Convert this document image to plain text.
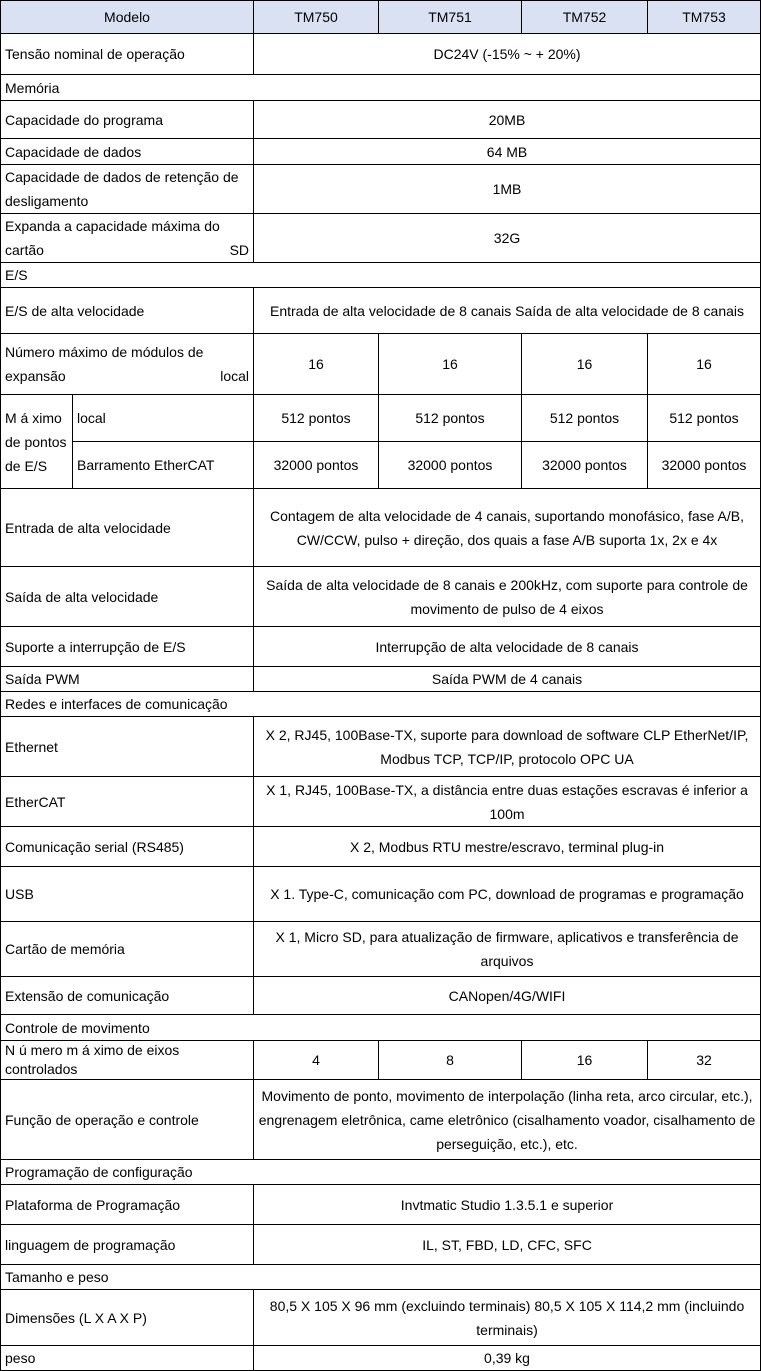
Modelo		TM750	TM751	TM752	TM753
Tensão nominal de operação		DC24V (-15% ~ + 20%)			
Memória					
Capacidade do programa		20MB			
Capacidade de dados		64 MB			
Capacidade de dados de retenção de desligamento		1MB			
Expanda a capacidade máxima do cartão SD		32G			
E/S					
E/S de alta velocidade		Entrada de alta velocidade de 8 canais Saída de alta velocidade de 8 canais			
Número máximo de módulos de expansão local		16	16	16	16
M á ximo de pontos de E/S	local	512 pontos	512 pontos	512 pontos	512 pontos
	Barramento EtherCAT	32000 pontos	32000 pontos	32000 pontos	32000 pontos
Entrada de alta velocidade		Contagem de alta velocidade de 4 canais, suportando monofásico, fase A/B, CW/CCW, pulso + direção, dos quais a fase A/B suporta 1x, 2x e 4x			
Saída de alta velocidade		Saída de alta velocidade de 8 canais e 200kHz, com suporte para controle de movimento de pulso de 4 eixos			
Suporte a interrupção de E/S		Interrupção de alta velocidade de 8 canais			
Saída PWM		Saída PWM de 4 canais			
Redes e interfaces de comunicação					
Ethernet		X 2, RJ45, 100Base-TX, suporte para download de software CLP EtherNet/IP, Modbus TCP, TCP/IP, protocolo OPC UA			
EtherCAT		X 1, RJ45, 100Base-TX, a distância entre duas estações escravas é inferior a 100m			
Comunicação serial (RS485)		X 2, Modbus RTU mestre/escravo, terminal plug-in			
USB		X 1. Type-C, comunicação com PC, download de programas e programação			
Cartão de memória		X 1, Micro SD, para atualização de firmware, aplicativos e transferência de arquivos			
Extensão de comunicação		CANopen/4G/WIFI			
Controle de movimento					
N ú mero m á ximo de eixos controlados		4	8	16	32
Função de operação e controle		Movimento de ponto, movimento de interpolação (linha reta, arco circular, etc.), engrenagem eletrônica, came eletrônico (cisalhamento voador, cisalhamento de perseguição, etc.), etc.			
Programação de configuração					
Plataforma de Programação		Invtmatic Studio 1.3.5.1 e superior			
linguagem de programação		IL, ST, FBD, LD, CFC, SFC			
Tamanho e peso					
Dimensões (L X A X P)		80,5 X 105 X 96 mm (excluindo terminais) 80,5 X 105 X 114,2 mm (incluindo terminais)			
peso		0,39 kg			
